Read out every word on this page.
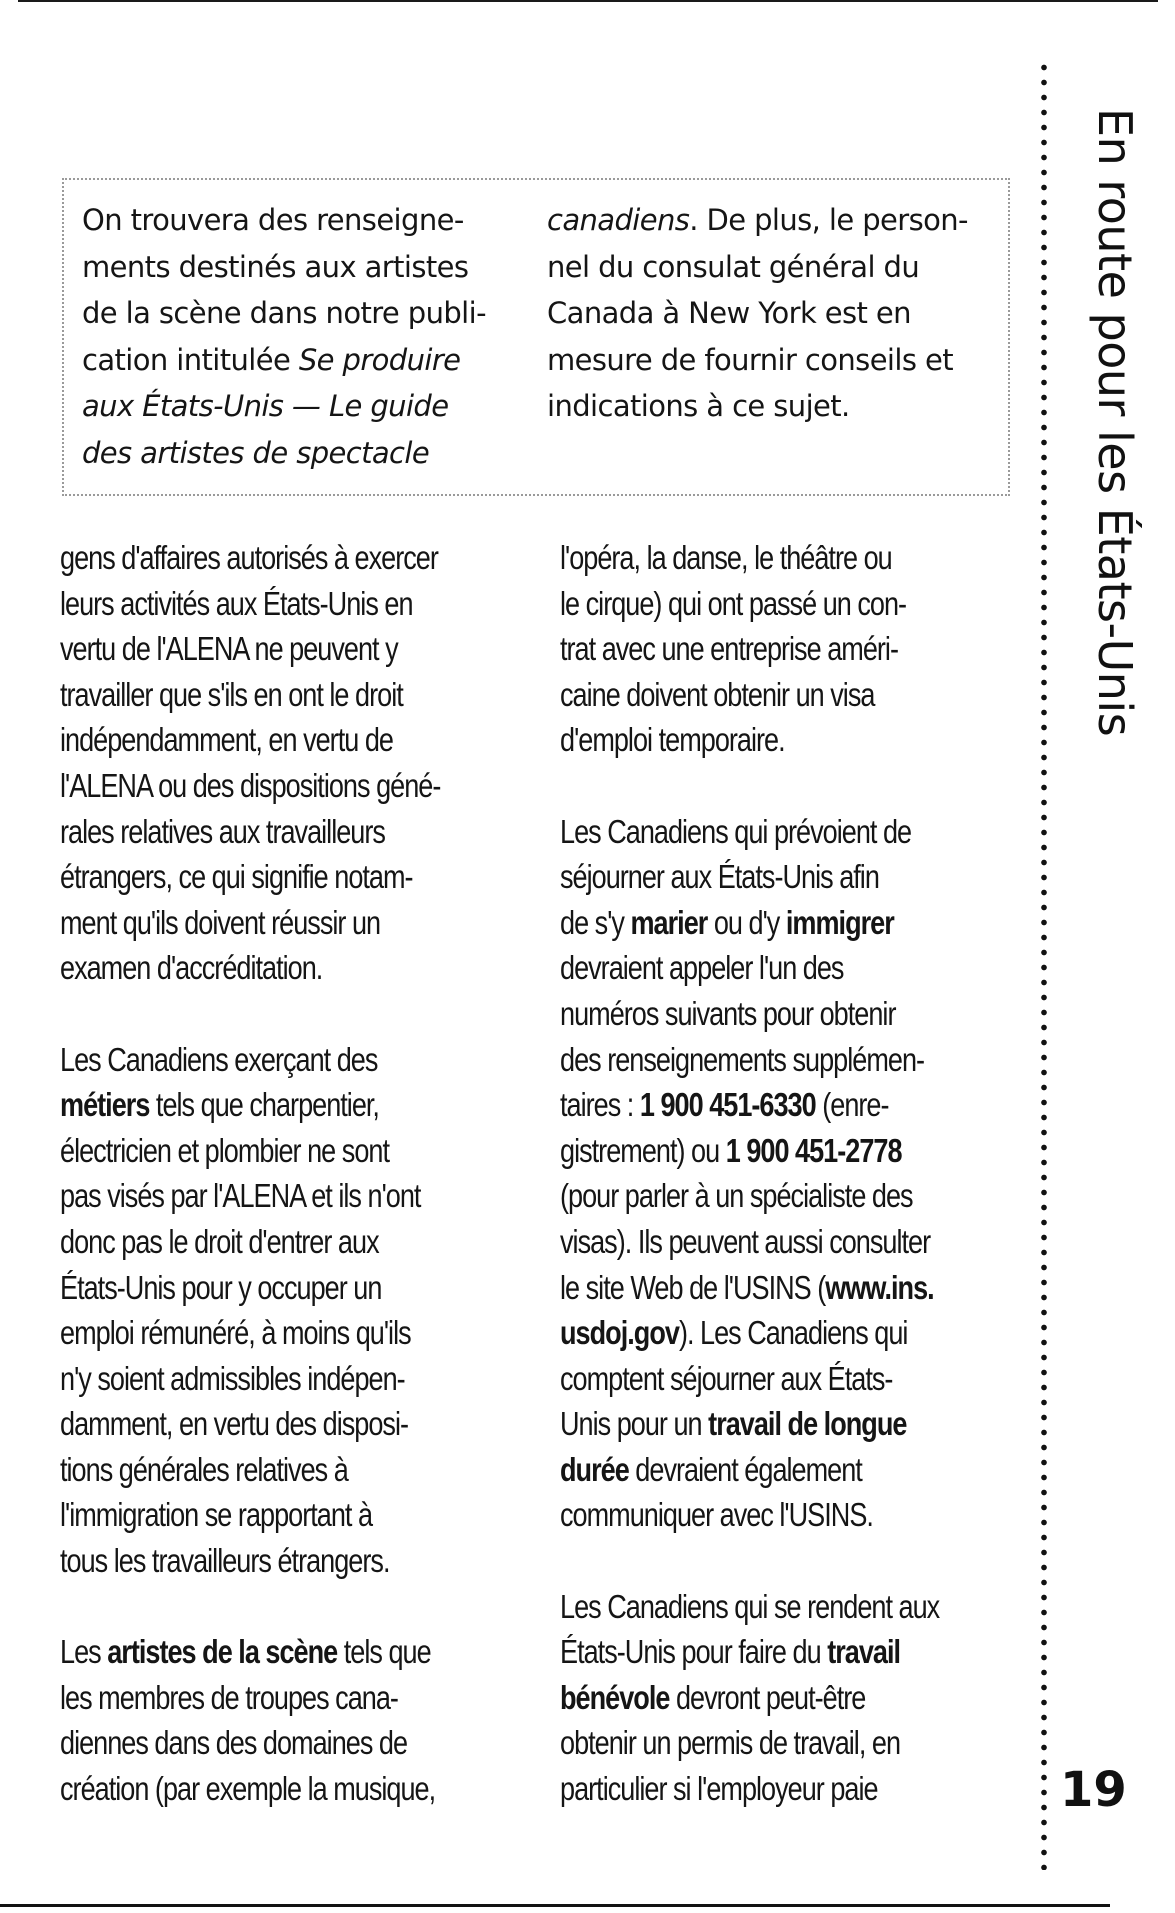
On trouvera des renseigne-
ments destinés aux artistes
de la scène dans notre publi-
cation intitulée Se produire
aux États-Unis — Le guide
des artistes de spectacle
canadiens. De plus, le person-
nel du consulat général du
Canada à New York est en
mesure de fournir conseils et
indications à ce sujet.
gens d'affaires autorisés à exercer
leurs activités aux États-Unis en
vertu de l'ALENA ne peuvent y
travailler que s'ils en ont le droit
indépendamment, en vertu de
l'ALENA ou des dispositions géné-
rales relatives aux travailleurs
étrangers, ce qui signifie notam-
ment qu'ils doivent réussir un
examen d'accréditation.
Les Canadiens exerçant des
métiers tels que charpentier,
électricien et plombier ne sont
pas visés par l'ALENA et ils n'ont
donc pas le droit d'entrer aux
États-Unis pour y occuper un
emploi rémunéré, à moins qu'ils
n'y soient admissibles indépen-
damment, en vertu des disposi-
tions générales relatives à
l'immigration se rapportant à
tous les travailleurs étrangers.
Les artistes de la scène tels que
les membres de troupes cana-
diennes dans des domaines de
création (par exemple la musique,
l'opéra, la danse, le théâtre ou
le cirque) qui ont passé un con-
trat avec une entreprise améri-
caine doivent obtenir un visa
d'emploi temporaire.
Les Canadiens qui prévoient de
séjourner aux États-Unis afin
de s'y marier ou d'y immigrer
devraient appeler l'un des
numéros suivants pour obtenir
des renseignements supplémen-
taires : 1 900 451-6330 (enre-
gistrement) ou 1 900 451-2778
(pour parler à un spécialiste des
visas). Ils peuvent aussi consulter
le site Web de l'USINS (www.ins.
usdoj.gov). Les Canadiens qui
comptent séjourner aux États-
Unis pour un travail de longue
durée devraient également
communiquer avec l'USINS.
Les Canadiens qui se rendent aux
États-Unis pour faire du travail
bénévole devront peut-être
obtenir un permis de travail, en
particulier si l'employeur paie
En route pour les États-Unis
19
